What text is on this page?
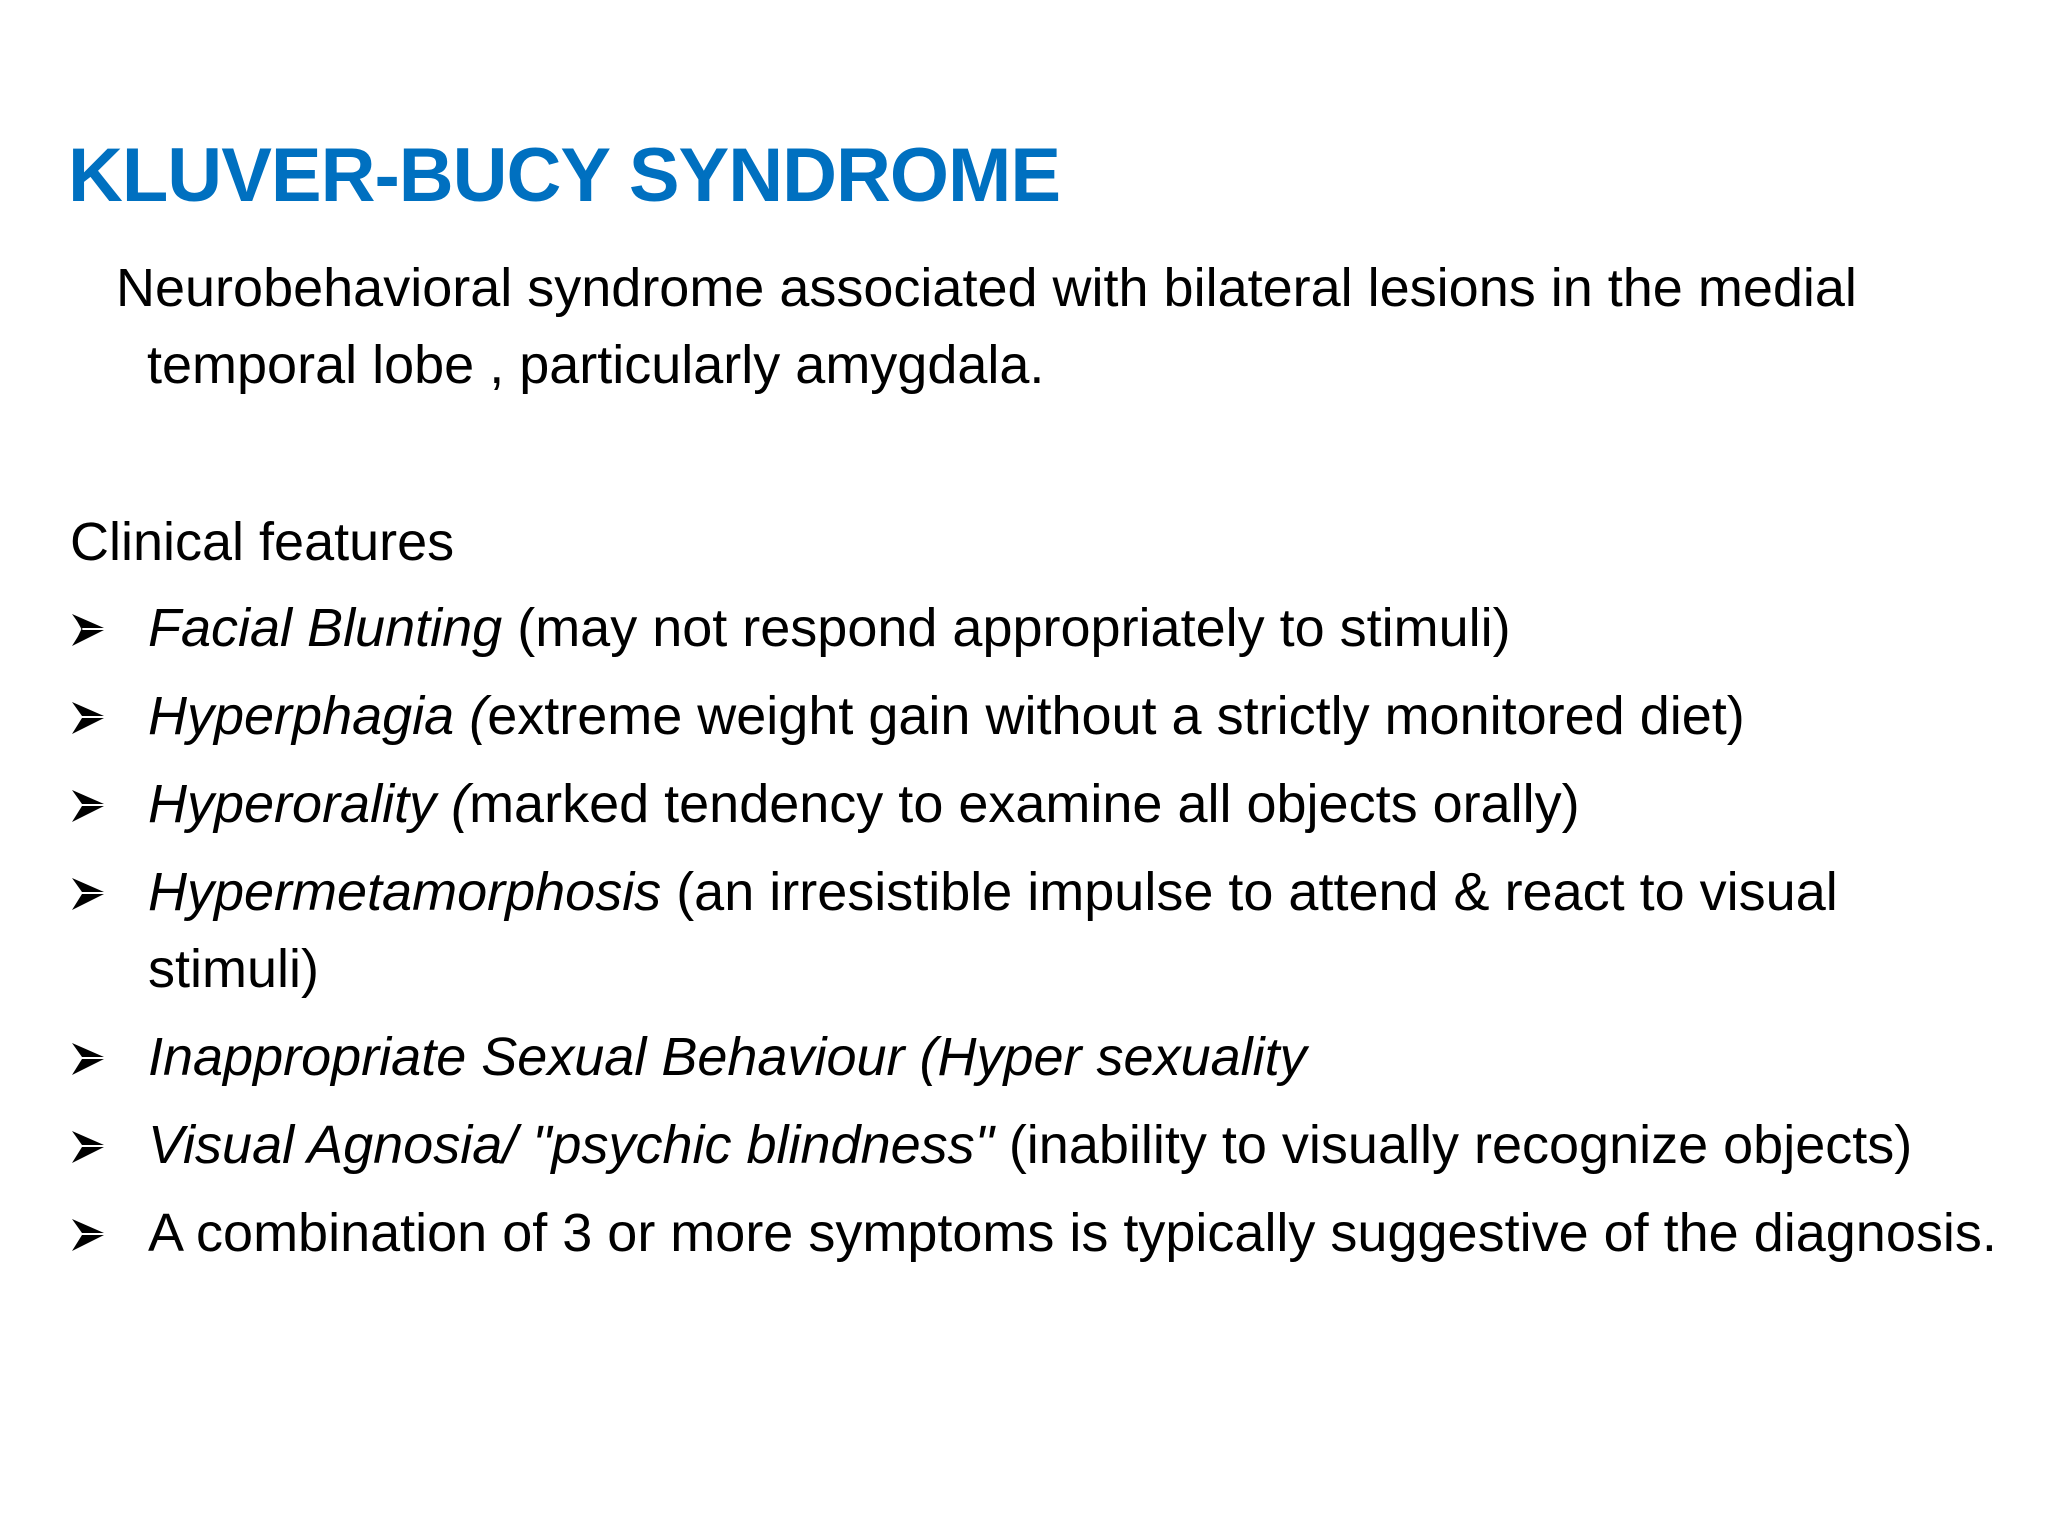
KLUVER-BUCY SYNDROME
Neurobehavioral syndrome associated with bilateral lesions in the medial
temporal lobe , particularly amygdala.
Clinical features
Facial Blunting (may not respond appropriately to stimuli)
Hyperphagia (extreme weight gain without a strictly monitored diet)
Hyperorality (marked tendency to examine all objects orally)
Hypermetamorphosis (an irresistible impulse to attend & react to visual stimuli)
Inappropriate Sexual Behaviour (Hyper sexuality
Visual Agnosia/ "psychic blindness" (inability to visually recognize objects)
A combination of 3 or more symptoms is typically suggestive of the diagnosis.
